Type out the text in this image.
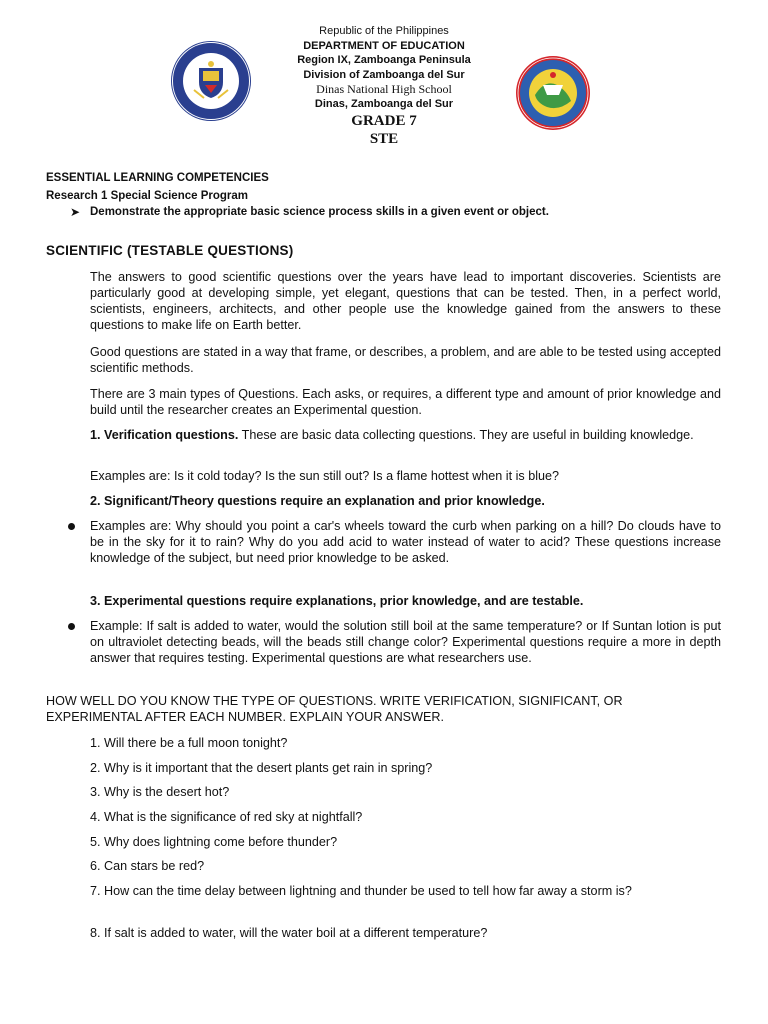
Republic of the Philippines
DEPARTMENT OF EDUCATION
Region IX, Zamboanga Peninsula
Division of Zamboanga del Sur
Dinas National High School
Dinas, Zamboanga del Sur
GRADE 7
STE
ESSENTIAL LEARNING COMPETENCIES
Research 1 Special Science Program
➤ Demonstrate the appropriate basic science process skills in a given event or object.
SCIENTIFIC (TESTABLE QUESTIONS)
The answers to good scientific questions over the years have lead to important discoveries. Scientists are particularly good at developing simple, yet elegant, questions that can be tested. Then, in a perfect world, scientists, engineers, architects, and other people use the knowledge gained from the answers to these questions to make life on Earth better.
Good questions are stated in a way that frame, or describes, a problem, and are able to be tested using accepted scientific methods.
There are 3 main types of Questions. Each asks, or requires, a different type and amount of prior knowledge and build until the researcher creates an Experimental question.
1. Verification questions. These are basic data collecting questions. They are useful in building knowledge.
Examples are: Is it cold today? Is the sun still out? Is a flame hottest when it is blue?
2. Significant/Theory questions require an explanation and prior knowledge.
Examples are: Why should you point a car's wheels toward the curb when parking on a hill? Do clouds have to be in the sky for it to rain? Why do you add acid to water instead of water to acid? These questions increase knowledge of the subject, but need prior knowledge to be asked.
3. Experimental questions require explanations, prior knowledge, and are testable.
Example: If salt is added to water, would the solution still boil at the same temperature? or If Suntan lotion is put on ultraviolet detecting beads, will the beads still change color? Experimental questions require a more in depth answer that requires testing. Experimental questions are what researchers use.
HOW WELL DO YOU KNOW THE TYPE OF QUESTIONS. WRITE VERIFICATION, SIGNIFICANT, OR EXPERIMENTAL AFTER EACH NUMBER. EXPLAIN YOUR ANSWER.
1. Will there be a full moon tonight?
2. Why is it important that the desert plants get rain in spring?
3. Why is the desert hot?
4. What is the significance of red sky at nightfall?
5. Why does lightning come before thunder?
6. Can stars be red?
7. How can the time delay between lightning and thunder be used to tell how far away a storm is?
8. If salt is added to water, will the water boil at a different temperature?
